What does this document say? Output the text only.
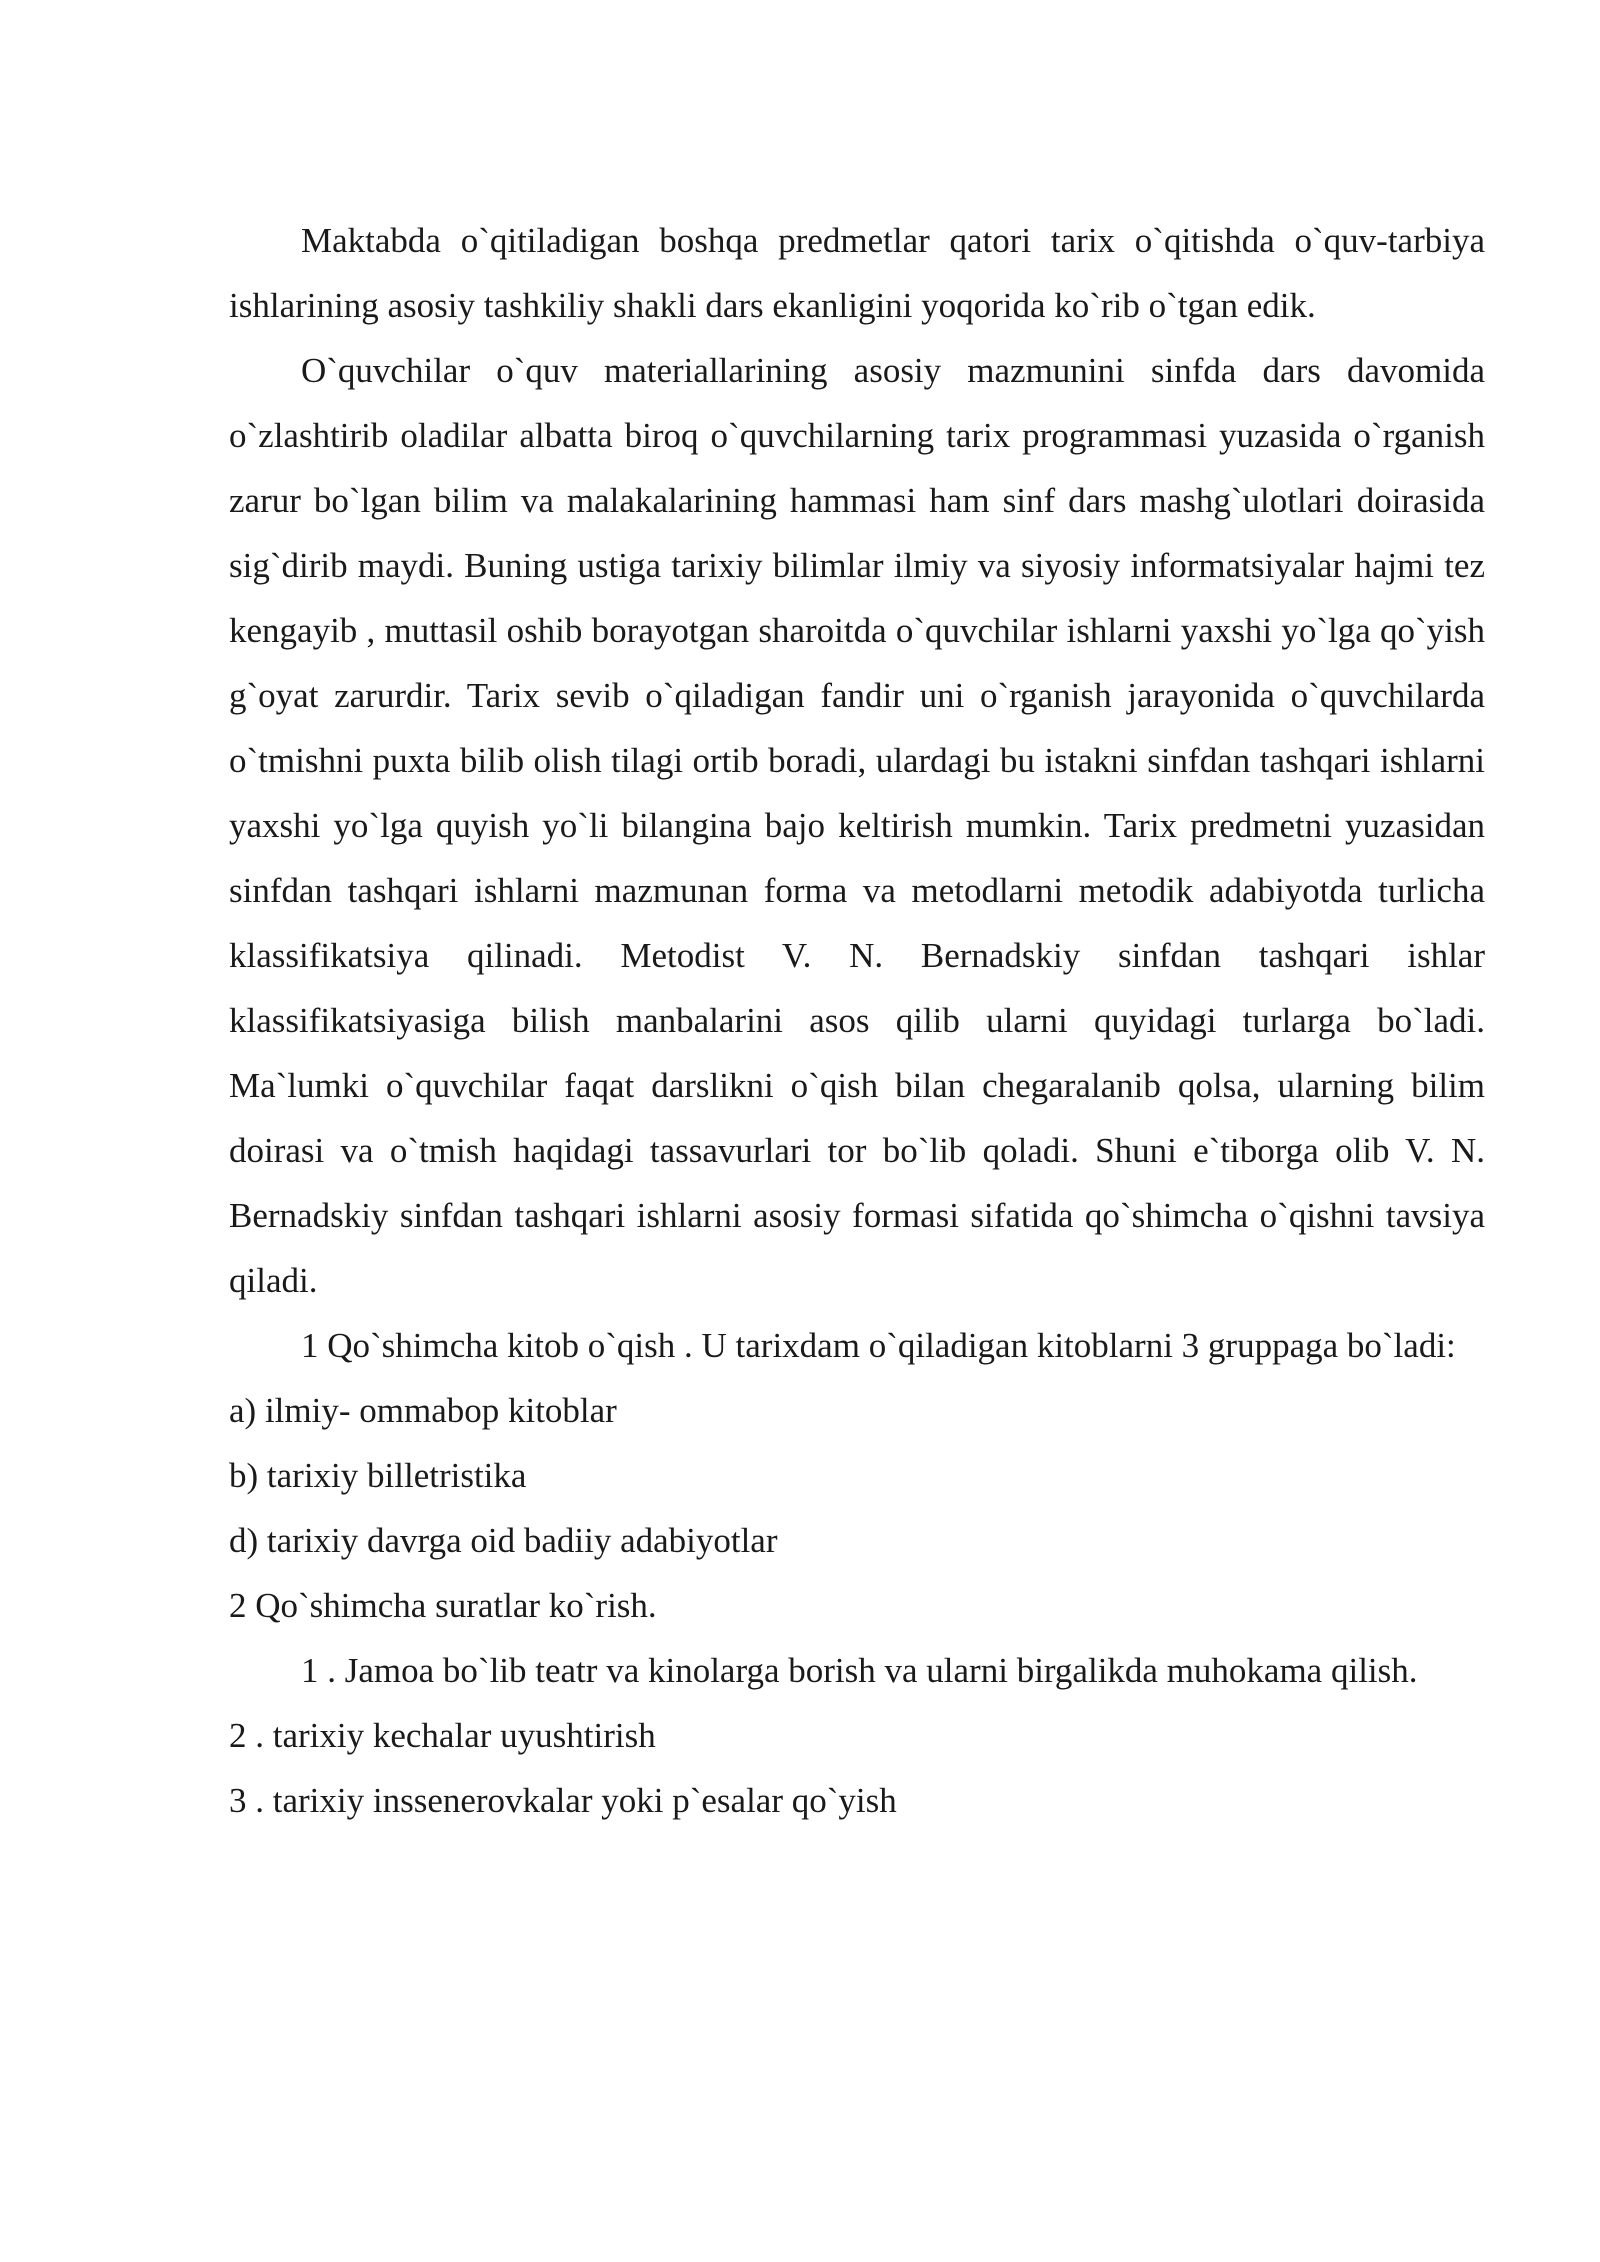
Maktabda o`qitiladigan boshqa predmetlar qatori tarix o`qitishda o`quv-tarbiya ishlarining asosiy tashkiliy shakli dars ekanligini yoqorida ko`rib o`tgan edik.

O`quvchilar o`quv materiallarining asosiy mazmunini sinfda dars davomida o`zlashtirib oladilar albatta biroq o`quvchilarning tarix programmasi yuzasida o`rganish zarur bo`lgan bilim va malakalarining hammasi ham sinf dars mashg`ulotlari doirasida sig`dirib maydi. Buning ustiga tarixiy bilimlar ilmiy va siyosiy informatsiyalar hajmi tez kengayib , muttasil oshib borayotgan sharoitda o`quvchilar ishlarni yaxshi yo`lga qo`yish g`oyat zarurdir. Tarix sevib o`qiladigan fandir uni o`rganish jarayonida o`quvchilarda o`tmishni puxta bilib olish tilagi ortib boradi, ulardagi bu istakni sinfdan tashqari ishlarni yaxshi yo`lga quyish yo`li bilangina bajo keltirish mumkin. Tarix predmetni yuzasidan sinfdan tashqari ishlarni mazmunan forma va metodlarni metodik adabiyotda turlicha klassifikatsiya qilinadi. Metodist V. N. Bernadskiy sinfdan tashqari ishlar klassifikatsiyasiga bilish manbalarini asos qilib ularni quyidagi turlarga bo`ladi. Ma`lumki o`quvchilar faqat darslikni o`qish bilan chegaralanib qolsa, ularning bilim doirasi va o`tmish haqidagi tassavurlari tor bo`lib qoladi. Shuni e`tiborga olib V. N. Bernadskiy sinfdan tashqari ishlarni asosiy formasi sifatida qo`shimcha o`qishni tavsiya qiladi.

1 Qo`shimcha kitob o`qish . U tarixdam o`qiladigan kitoblarni 3 gruppaga bo`ladi:

a) ilmiy- ommabop kitoblar

b) tarixiy billetristika

d) tarixiy davrga oid badiiy adabiyotlar

2 Qo`shimcha suratlar ko`rish.

1 . Jamoa bo`lib teatr va kinolarga borish va ularni birgalikda muhokama qilish.

2 . tarixiy kechalar uyushtirish

3 . tarixiy inssenerovkalar yoki p`esalar qo`yish
